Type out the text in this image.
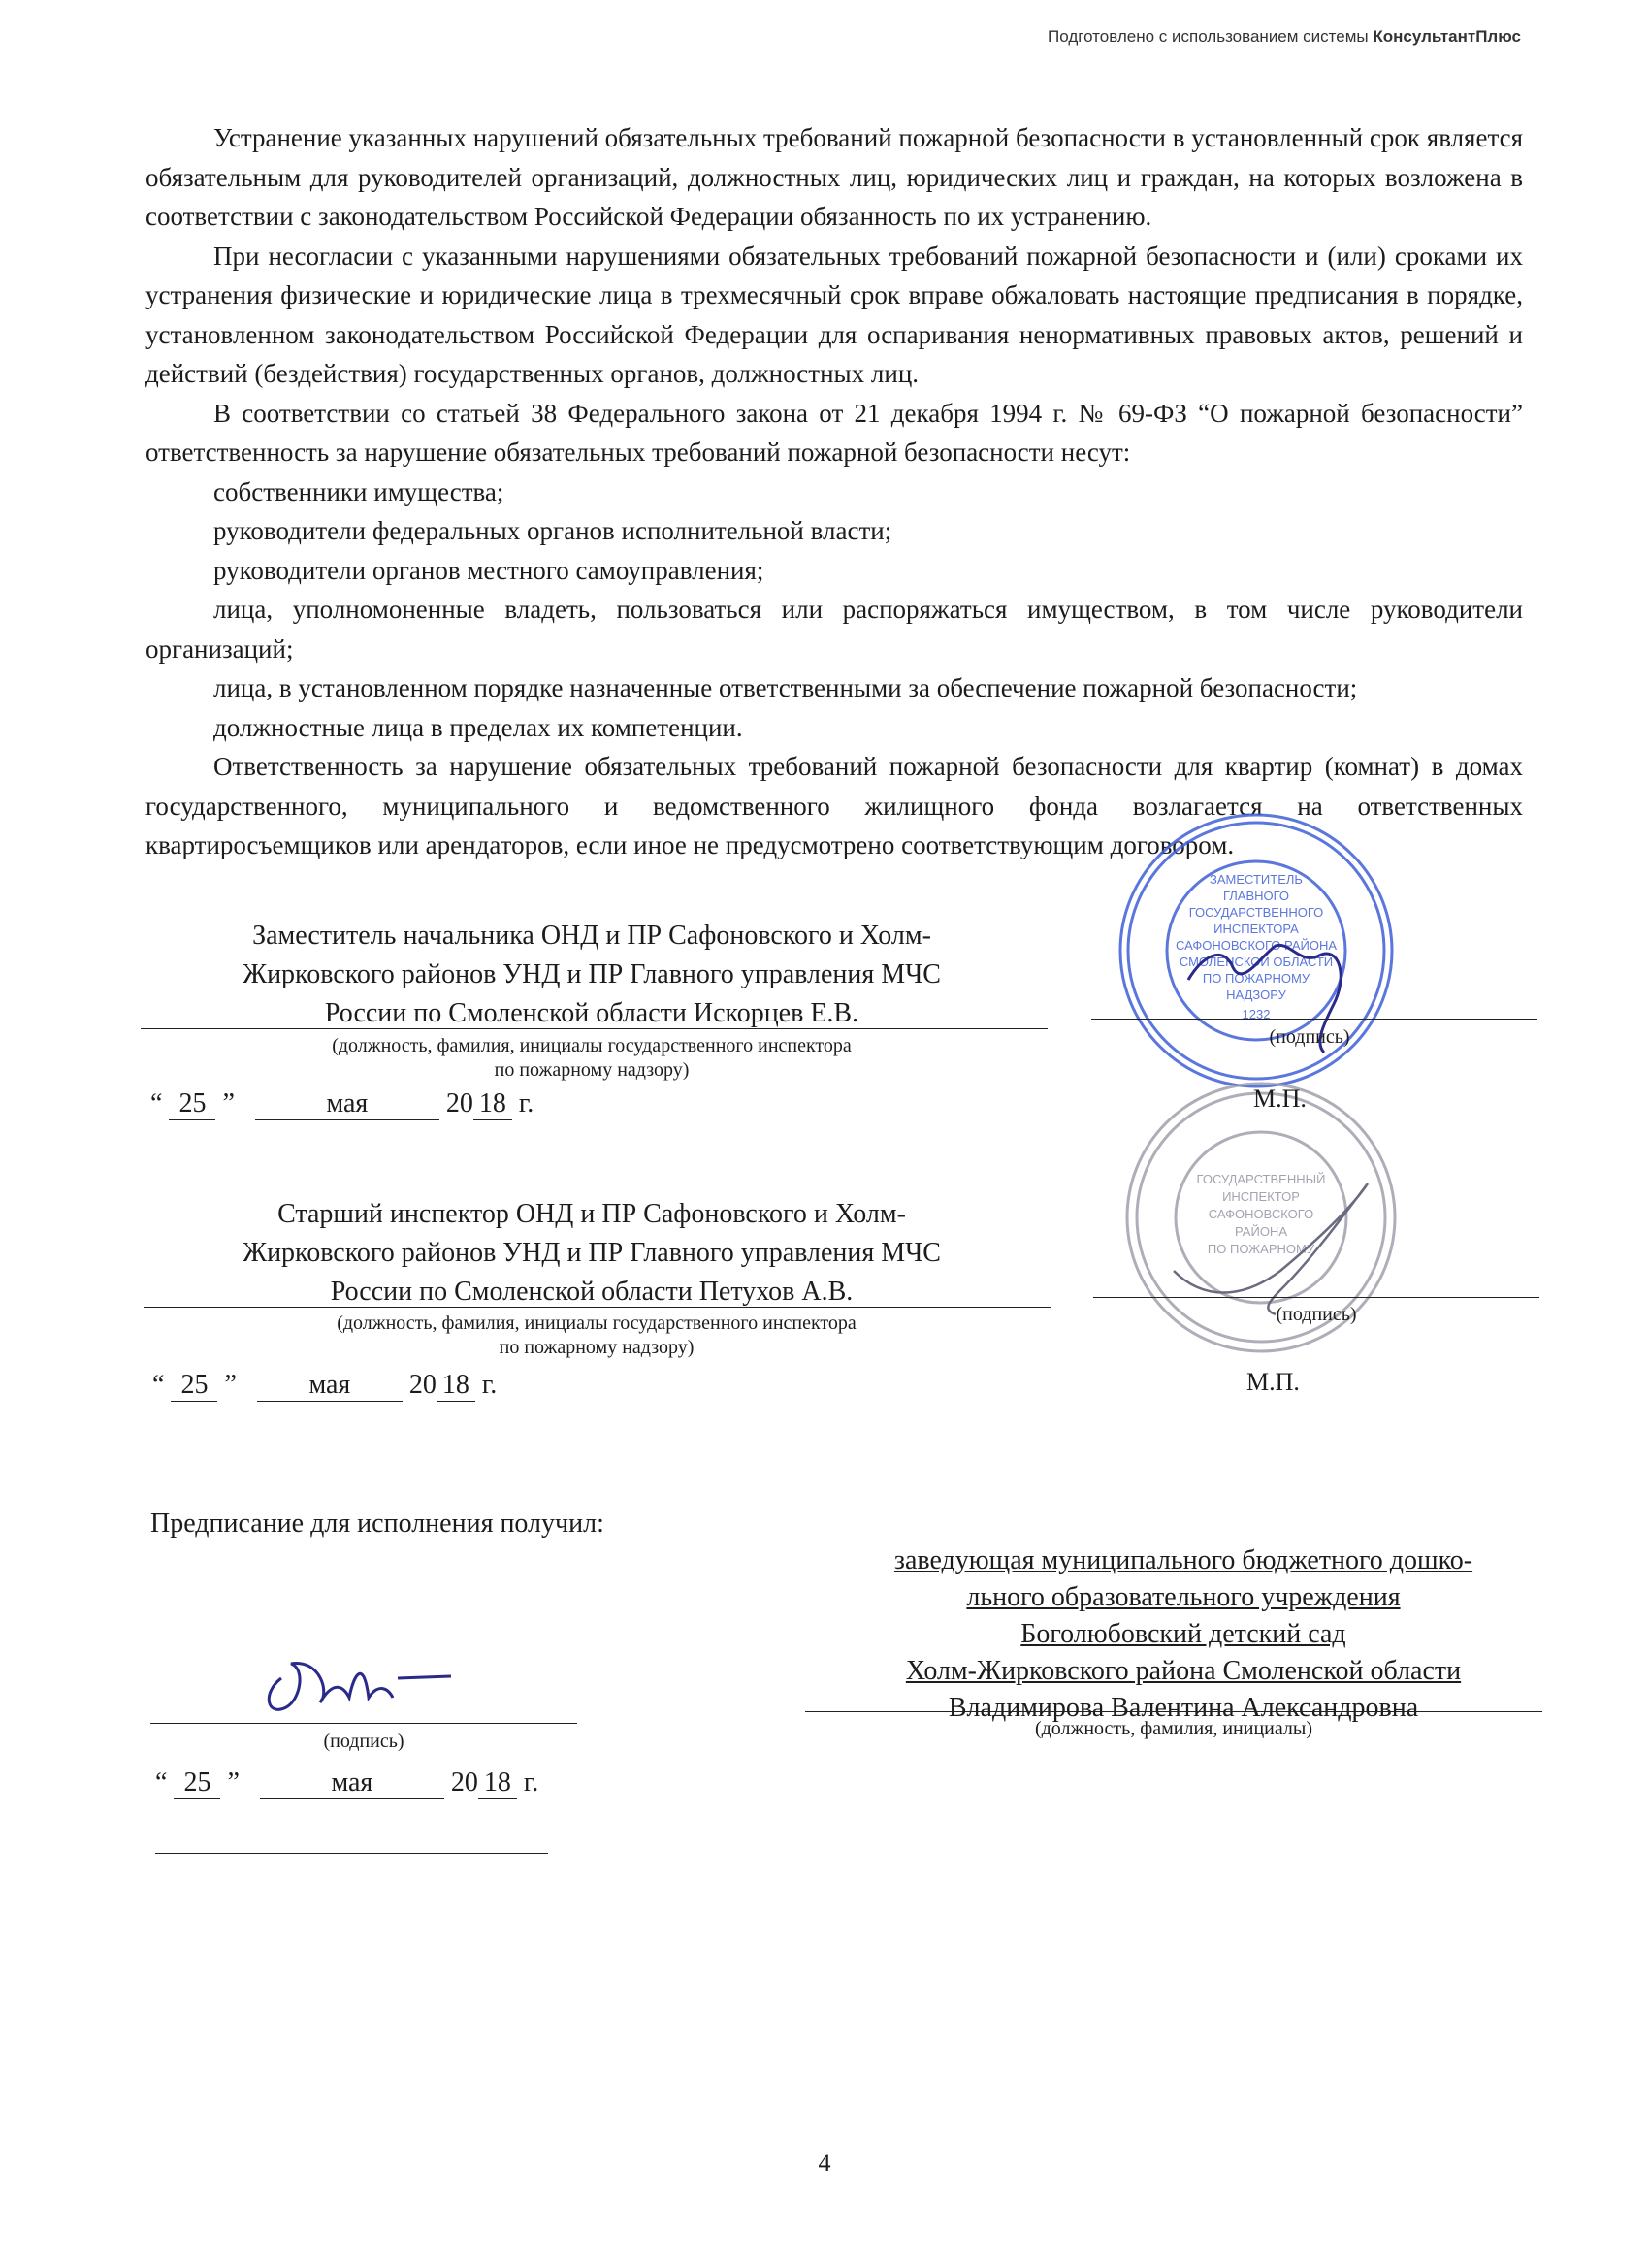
Подготовлено с использованием системы КонсультантПлюс

Устранение указанных нарушений обязательных требований пожарной безопасности в установленный срок является обязательным для руководителей организаций, должностных лиц, юридических лиц и граждан, на которых возложена в соответствии с законодательством Российской Федерации обязанность по их устранению.

При несогласии с указанными нарушениями обязательных требований пожарной безопасности и (или) сроками их устранения физические и юридические лица в трехмесячный срок вправе обжаловать настоящие предписания в порядке, установленном законодательством Российской Федерации для оспаривания ненормативных правовых актов, решений и действий (бездействия) государственных органов, должностных лиц.

В соответствии со статьей 38 Федерального закона от 21 декабря 1994 г. № 69-ФЗ “О пожарной безопасности” ответственность за нарушение обязательных требований пожарной безопасности несут:

собственники имущества;

руководители федеральных органов исполнительной власти;

руководители органов местного самоуправления;

лица, уполномоненные владеть, пользоваться или распоряжаться имуществом, в том числе руководители организаций;

лица, в установленном порядке назначенные ответственными за обеспечение пожарной безопасности;

должностные лица в пределах их компетенции.

Ответственность за нарушение обязательных требований пожарной безопасности для квартир (комнат) в домах государственного, муниципального и ведомственного жилищного фонда возлагается на ответственных квартиросъемщиков или арендаторов, если иное не предусмотрено соответствующим договором.

ЗАМЕСТИТЕЛЬ
ГЛАВНОГО
ГОСУДАРСТВЕННОГО
ИНСПЕКТОРА
САФОНОВСКОГО РАЙОНА
СМОЛЕНСКОЙ ОБЛАСТИ
ПО ПОЖАРНОМУ
НАДЗОРУ
1232
ГОСУДАРСТВЕННЫЙ
ИНСПЕКТОР
САФОНОВСКОГО
РАЙОНА
ПО ПОЖАРНОМУ
Заместитель начальника ОНД и ПР Сафоновского и Холм-
Жирковского районов УНД и ПР Главного управления МЧС
России по Смоленской области Искорцев Е.В.
(должность, фамилия, инициалы государственного инспектора
по пожарному надзору)
(подпись)
“ 25 ”	мая	20 18 г.	М.П.
Старший инспектор ОНД и ПР Сафоновского и Холм-
Жирковского районов УНД и ПР Главного управления МЧС
России по Смоленской области Петухов А.В.
(должность, фамилия, инициалы государственного инспектора
по пожарному надзору)
(подпись)
“ 25 ”   мая 20 18 г.	М.П.
Предписание для исполнения получил:
заведующая муниципального бюджетного дошко-
льного образовательного учреждения
Боголюбовский детский сад
Холм-Жирковского района Смоленской области
Владимирова Валентина Александровна
(должность, фамилия, инициалы)
(подпись)
“ 25 ”	мая	20 18 г.
4
